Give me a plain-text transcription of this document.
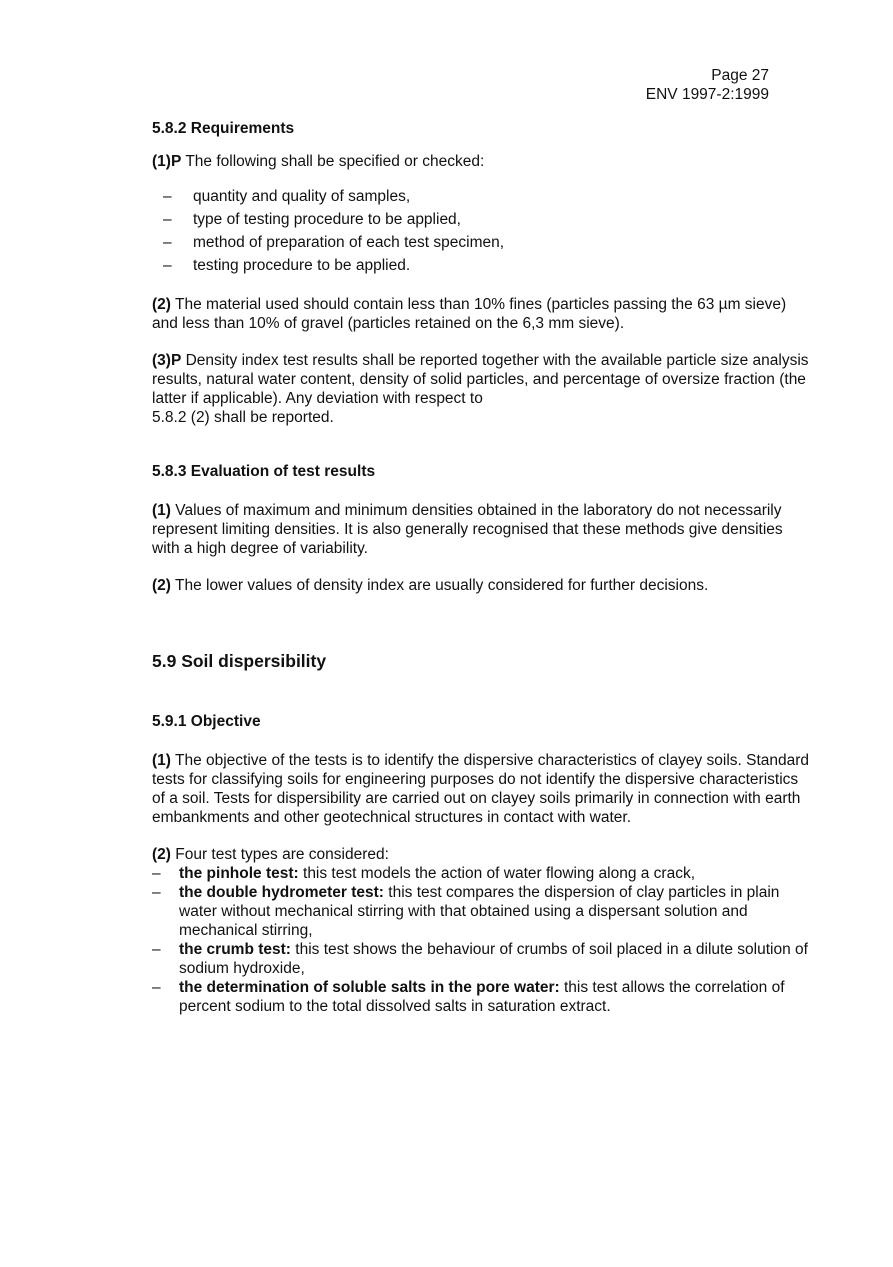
Page 27
ENV 1997-2:1999
5.8.2 Requirements

(1)P The following shall be specified or checked:

– quantity and quality of samples,
– type of testing procedure to be applied,
– method of preparation of each test specimen,
– testing procedure to be applied.

(2) The material used should contain less than 10% fines (particles passing the 63 µm sieve) and less than 10% of gravel (particles retained on the 6,3 mm sieve).

(3)P Density index test results shall be reported together with the available particle size analysis results, natural water content, density of solid particles, and percentage of oversize fraction (the latter if applicable). Any deviation with respect to
5.8.2 (2) shall be reported.

5.8.3 Evaluation of test results

(1) Values of maximum and minimum densities obtained in the laboratory do not necessarily represent limiting densities. It is also generally recognised that these methods give densities with a high degree of variability.

(2) The lower values of density index are usually considered for further decisions.

5.9 Soil dispersibility
5.9.1 Objective

(1) The objective of the tests is to identify the dispersive characteristics of clayey soils. Standard tests for classifying soils for engineering purposes do not identify the dispersive characteristics of a soil. Tests for dispersibility are carried out on clayey soils primarily in connection with earth embankments and other geotechnical structures in contact with water.

(2) Four test types are considered:

– the pinhole test: this test models the action of water flowing along a crack,
– the double hydrometer test: this test compares the dispersion of clay particles in plain water without mechanical stirring with that obtained using a dispersant solution and mechanical stirring,
– the crumb test: this test shows the behaviour of crumbs of soil placed in a dilute solution of sodium hydroxide,
– the determination of soluble salts in the pore water: this test allows the correlation of percent sodium to the total dissolved salts in saturation extract.
